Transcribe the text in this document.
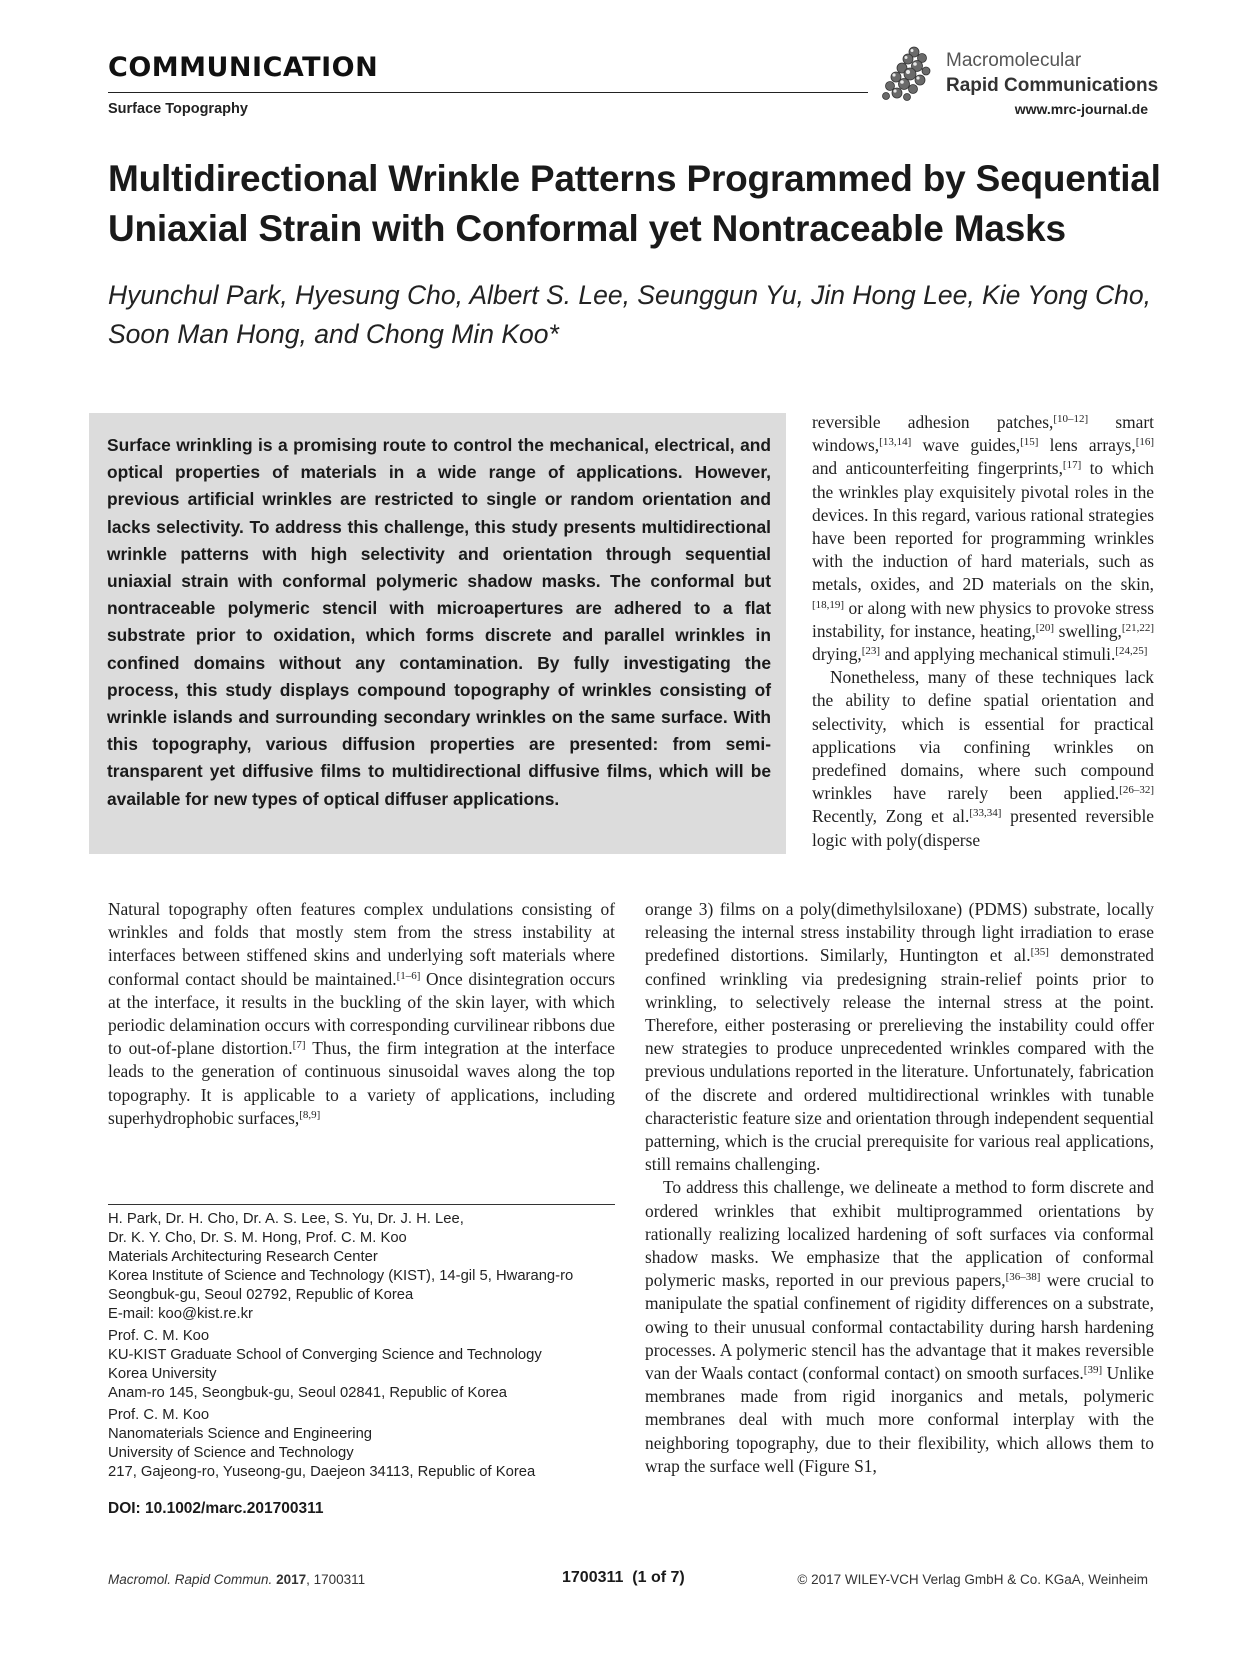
COMMUNICATION
Surface Topography
Macromolecular
Rapid Communications
www.mrc-journal.de
Multidirectional Wrinkle Patterns Programmed by Sequential Uniaxial Strain with Conformal yet Nontraceable Masks
Hyunchul Park, Hyesung Cho, Albert S. Lee, Seunggun Yu, Jin Hong Lee, Kie Yong Cho, Soon Man Hong, and Chong Min Koo*
Surface wrinkling is a promising route to control the mechanical, electrical, and optical properties of materials in a wide range of applications. However, previous artificial wrinkles are restricted to single or random orientation and lacks selectivity. To address this challenge, this study presents multidirectional wrinkle patterns with high selectivity and orientation through sequential uniaxial strain with conformal polymeric shadow masks. The conformal but nontraceable polymeric stencil with microapertures are adhered to a flat substrate prior to oxidation, which forms discrete and parallel wrinkles in confined domains without any contamination. By fully investigating the process, this study displays compound topography of wrinkles consisting of wrinkle islands and surrounding secondary wrinkles on the same surface. With this topography, various diffusion properties are presented: from semi-transparent yet diffusive films to multidirectional diffusive films, which will be available for new types of optical diffuser applications.

reversible adhesion patches,[10–12] smart windows,[13,14] wave guides,[15] lens arrays,[16] and anticounterfeiting fingerprints,[17] to which the wrinkles play exquisitely pivotal roles in the devices. In this regard, various rational strategies have been reported for programming wrinkles with the induction of hard materials, such as metals, oxides, and 2D materials on the skin,[18,19] or along with new physics to provoke stress instability, for instance, heating,[20] swelling,[21,22] drying,[23] and applying mechanical stimuli.[24,25]

Nonetheless, many of these techniques lack the ability to define spatial orientation and selectivity, which is essential for practical applications via confining wrinkles on predefined domains, where such compound wrinkles have rarely been applied.[26–32] Recently, Zong et al.[33,34] presented reversible logic with poly(disperse

Natural topography often features complex undulations consisting of wrinkles and folds that mostly stem from the stress instability at interfaces between stiffened skins and underlying soft materials where conformal contact should be maintained.[1–6] Once disintegration occurs at the interface, it results in the buckling of the skin layer, with which periodic delamination occurs with corresponding curvilinear ribbons due to out-of-plane distortion.[7] Thus, the firm integration at the interface leads to the generation of continuous sinusoidal waves along the top topography. It is applicable to a variety of applications, including superhydrophobic surfaces,[8,9]

orange 3) films on a poly(dimethylsiloxane) (PDMS) substrate, locally releasing the internal stress instability through light irradiation to erase predefined distortions. Similarly, Huntington et al.[35] demonstrated confined wrinkling via predesigning strain-relief points prior to wrinkling, to selectively release the internal stress at the point. Therefore, either posterasing or prerelieving the instability could offer new strategies to produce unprecedented wrinkles compared with the previous undulations reported in the literature. Unfortunately, fabrication of the discrete and ordered multidirectional wrinkles with tunable characteristic feature size and orientation through independent sequential patterning, which is the crucial prerequisite for various real applications, still remains challenging.

To address this challenge, we delineate a method to form discrete and ordered wrinkles that exhibit multiprogrammed orientations by rationally realizing localized hardening of soft surfaces via conformal shadow masks. We emphasize that the application of conformal polymeric masks, reported in our previous papers,[36–38] were crucial to manipulate the spatial confinement of rigidity differences on a substrate, owing to their unusual conformal contactability during harsh hardening processes. A polymeric stencil has the advantage that it makes reversible van der Waals contact (conformal contact) on smooth surfaces.[39] Unlike membranes made from rigid inorganics and metals, polymeric membranes deal with much more conformal interplay with the neighboring topography, due to their flexibility, which allows them to wrap the surface well (Figure S1,

H. Park, Dr. H. Cho, Dr. A. S. Lee, S. Yu, Dr. J. H. Lee,
Dr. K. Y. Cho, Dr. S. M. Hong, Prof. C. M. Koo
Materials Architecturing Research Center
Korea Institute of Science and Technology (KIST), 14-gil 5, Hwarang-ro
Seongbuk-gu, Seoul 02792, Republic of Korea
E-mail: koo@kist.re.kr
Prof. C. M. Koo
KU-KIST Graduate School of Converging Science and Technology
Korea University
Anam-ro 145, Seongbuk-gu, Seoul 02841, Republic of Korea
Prof. C. M. Koo
Nanomaterials Science and Engineering
University of Science and Technology
217, Gajeong-ro, Yuseong-gu, Daejeon 34113, Republic of Korea
DOI: 10.1002/marc.201700311
Macromol. Rapid Commun. 2017, 1700311	1700311  (1 of 7)	© 2017 WILEY-VCH Verlag GmbH & Co. KGaA, Weinheim
